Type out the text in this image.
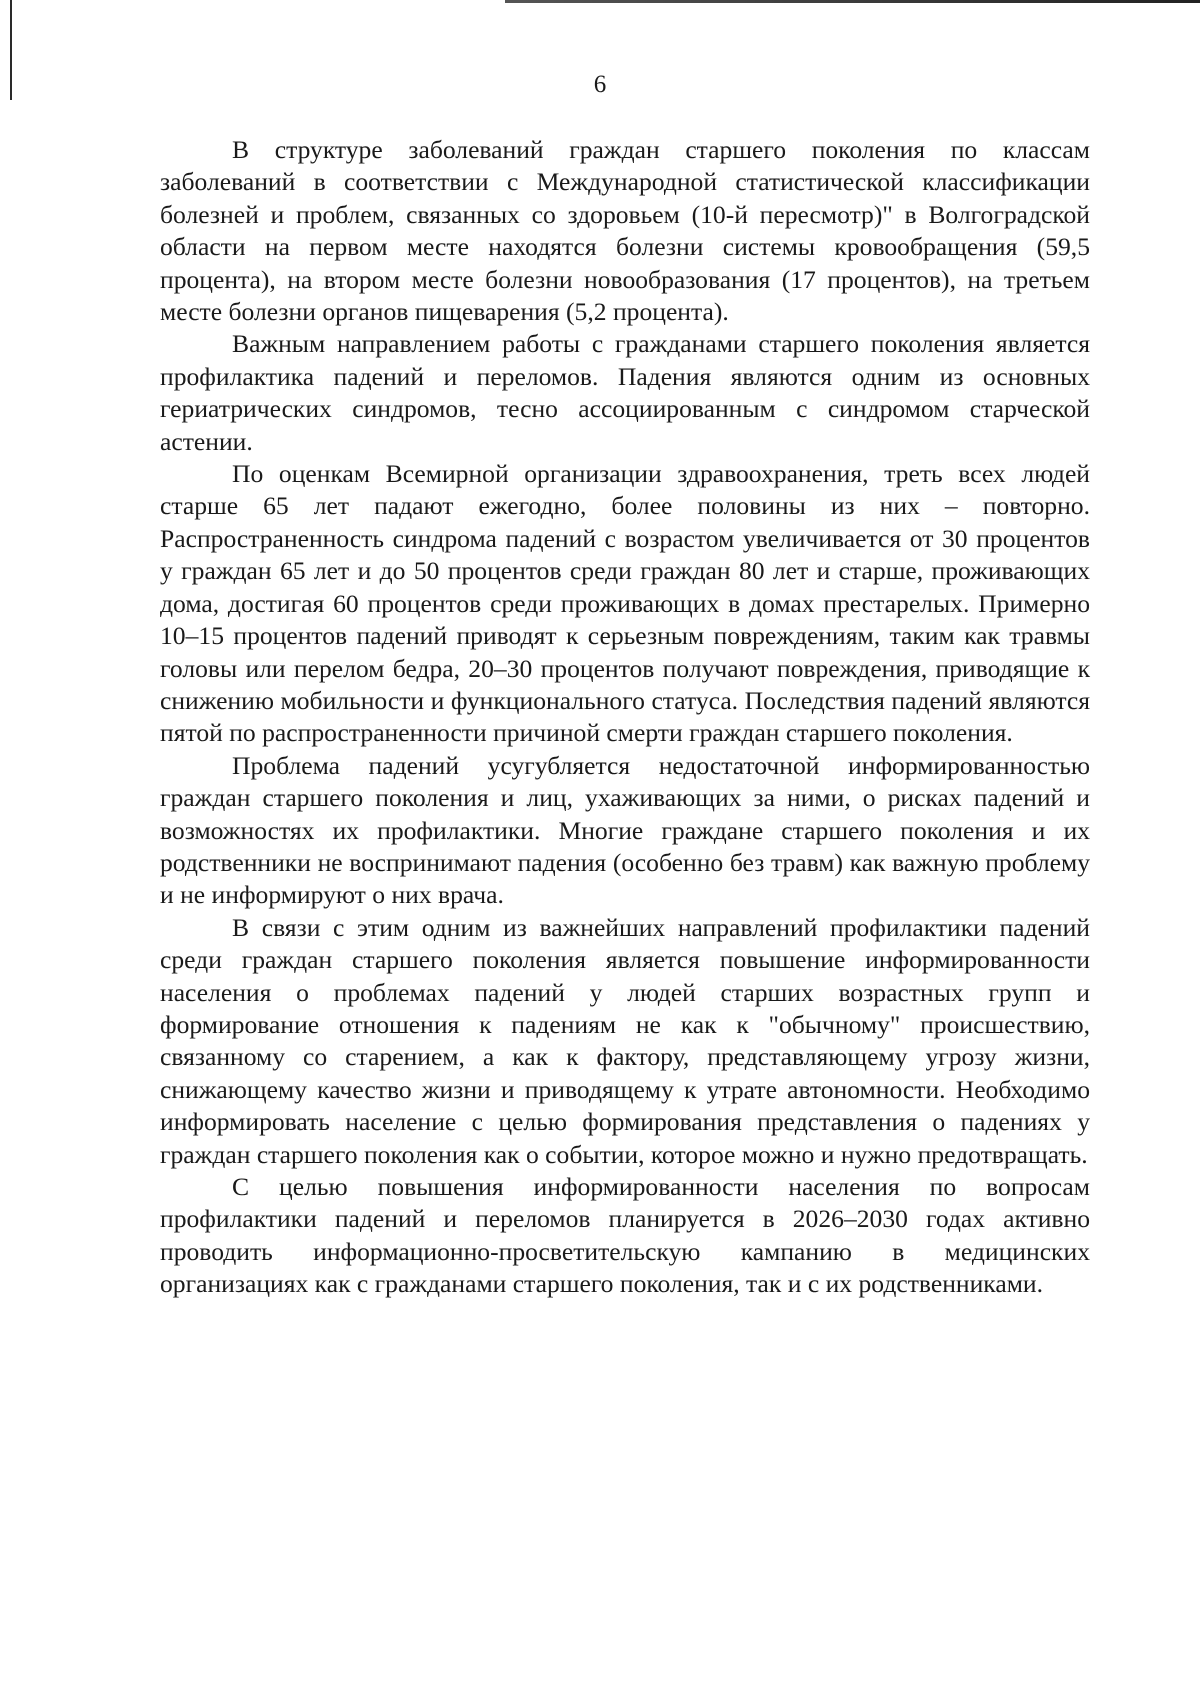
6

В структуре заболеваний граждан старшего поколения по классам заболеваний в соответствии с Международной статистической классификации болезней и проблем, связанных со здоровьем (10-й пересмотр)" в Волгоградской области на первом месте находятся болезни системы кровообращения (59,5 процента), на втором месте болезни новообразования (17 процентов), на третьем месте болезни органов пищеварения (5,2 процента).

Важным направлением работы с гражданами старшего поколения является профилактика падений и переломов. Падения являются одним из основных гериатрических синдромов, тесно ассоциированным с синдромом старческой астении.

По оценкам Всемирной организации здравоохранения, треть всех людей старше 65 лет падают ежегодно, более половины из них – повторно. Распространенность синдрома падений с возрастом увеличивается от 30 процентов у граждан 65 лет и до 50 процентов среди граждан 80 лет и старше, проживающих дома, достигая 60 процентов среди проживающих в домах престарелых. Примерно 10–15 процентов падений приводят к серьезным повреждениям, таким как травмы головы или перелом бедра, 20–30 процентов получают повреждения, приводящие к снижению мобильности и функционального статуса. Последствия падений являются пятой по распространенности причиной смерти граждан старшего поколения.

Проблема падений усугубляется недостаточной информированностью граждан старшего поколения и лиц, ухаживающих за ними, о рисках падений и возможностях их профилактики. Многие граждане старшего поколения и их родственники не воспринимают падения (особенно без травм) как важную проблему и не информируют о них врача.

В связи с этим одним из важнейших направлений профилактики падений среди граждан старшего поколения является повышение информированности населения о проблемах падений у людей старших возрастных групп и формирование отношения к падениям не как к "обычному" происшествию, связанному со старением, а как к фактору, представляющему угрозу жизни, снижающему качество жизни и приводящему к утрате автономности. Необходимо информировать население с целью формирования представления о падениях у граждан старшего поколения как о событии, которое можно и нужно предотвращать.

С целью повышения информированности населения по вопросам профилактики падений и переломов планируется в 2026–2030 годах активно проводить информационно-просветительскую кампанию в медицинских организациях как с гражданами старшего поколения, так и с их родственниками.
